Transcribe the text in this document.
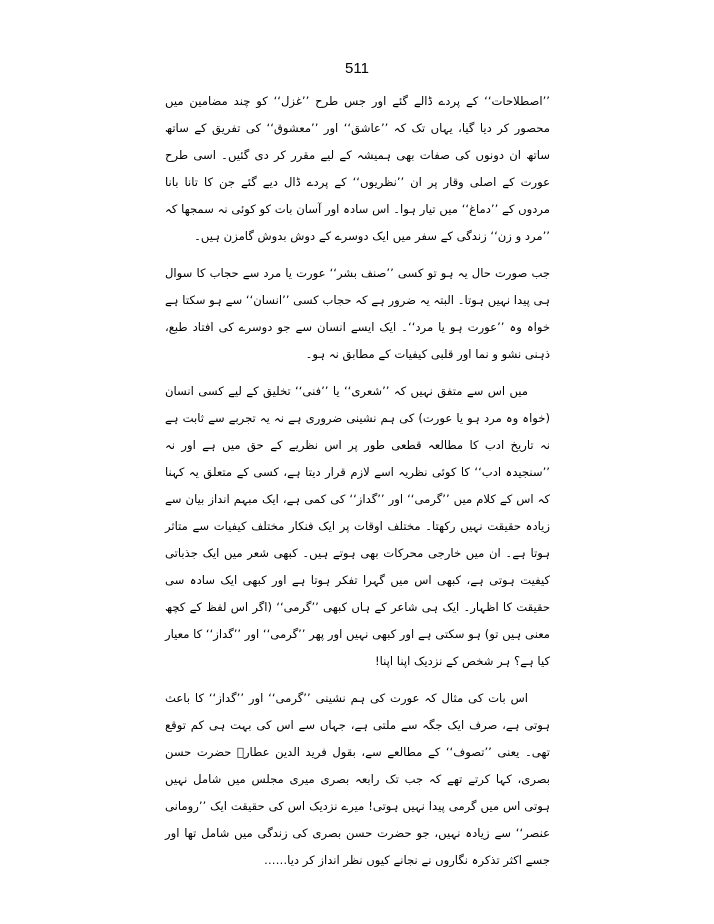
511

’’اصطلاحات‘‘ کے پردے ڈالے گئے اور جس طرح ’’غزل‘‘ کو چند مضامین میں محصور کر دیا گیا، یہاں تک کہ ’’عاشق‘‘ اور ’’معشوق‘‘ کی تفریق کے ساتھ ساتھ ان دونوں کی صفات بھی ہمیشہ کے لیے مقرر کر دی گئیں۔ اسی طرح عورت کے اصلی وقار پر ان ’’نظریوں‘‘ کے پردے ڈال دیے گئے جن کا تانا بانا مردوں کے ’’دماغ‘‘ میں تیار ہوا۔ اس سادہ اور آسان بات کو کوئی نہ سمجھا کہ ’’مرد و زن‘‘ زندگی کے سفر میں ایک دوسرے کے دوش بدوش گامزن ہیں۔

جب صورت حال یہ ہو تو کسی ’’صنف بشر‘‘ عورت یا مرد سے حجاب کا سوال ہی پیدا نہیں ہوتا۔ البتہ یہ ضرور ہے کہ حجاب کسی ’’انسان‘‘ سے ہو سکتا ہے خواہ وہ ’’عورت ہو یا مرد‘‘۔ ایک ایسے انسان سے جو دوسرے کی افتاد طبع، ذہنی نشو و نما اور قلبی کیفیات کے مطابق نہ ہو۔

میں اس سے متفق نہیں کہ ’’شعری‘‘ یا ’’فنی‘‘ تخلیق کے لیے کسی انسان (خواہ وہ مرد ہو یا عورت) کی ہم نشینی ضروری ہے نہ یہ تجربے سے ثابت ہے نہ تاریخ ادب کا مطالعہ قطعی طور پر اس نظریے کے حق میں ہے اور نہ ’’سنجیدہ ادب‘‘ کا کوئی نظریہ اسے لازم قرار دیتا ہے، کسی کے متعلق یہ کہنا کہ اس کے کلام میں ’’گرمی‘‘ اور ’’گداز‘‘ کی کمی ہے، ایک مبہم انداز بیان سے زیادہ حقیقت نہیں رکھتا۔ مختلف اوقات پر ایک فنکار مختلف کیفیات سے متاثر ہوتا ہے۔ ان میں خارجی محرکات بھی ہوتے ہیں۔ کبھی شعر میں ایک جذباتی کیفیت ہوتی ہے، کبھی اس میں گہرا تفکر ہوتا ہے اور کبھی ایک سادہ سی حقیقت کا اظہار۔ ایک ہی شاعر کے ہاں کبھی ’’گرمی‘‘ (اگر اس لفظ کے کچھ معنی ہیں تو) ہو سکتی ہے اور کبھی نہیں اور پھر ’’گرمی‘‘ اور ’’گداز‘‘ کا معیار کیا ہے؟ ہر شخص کے نزدیک اپنا اپنا!

اس بات کی مثال کہ عورت کی ہم نشینی ’’گرمی‘‘ اور ’’گداز‘‘ کا باعث ہوتی ہے، صرف ایک جگہ سے ملتی ہے، جہاں سے اس کی بہت ہی کم توقع تھی۔ یعنی ’’تصوف‘‘ کے مطالعے سے، بقول فرید الدین عطارؒ حضرت حسن بصری، کہا کرتے تھے کہ جب تک رابعہ بصری میری مجلس میں شامل نہیں ہوتی اس میں گرمی پیدا نہیں ہوتی! میرے نزدیک اس کی حقیقت ایک ’’رومانی عنصر‘‘ سے زیادہ نہیں، جو حضرت حسن بصری کی زندگی میں شامل تھا اور جسے اکثر تذکرہ نگاروں نے نجانے کیوں نظر انداز کر دیا……
